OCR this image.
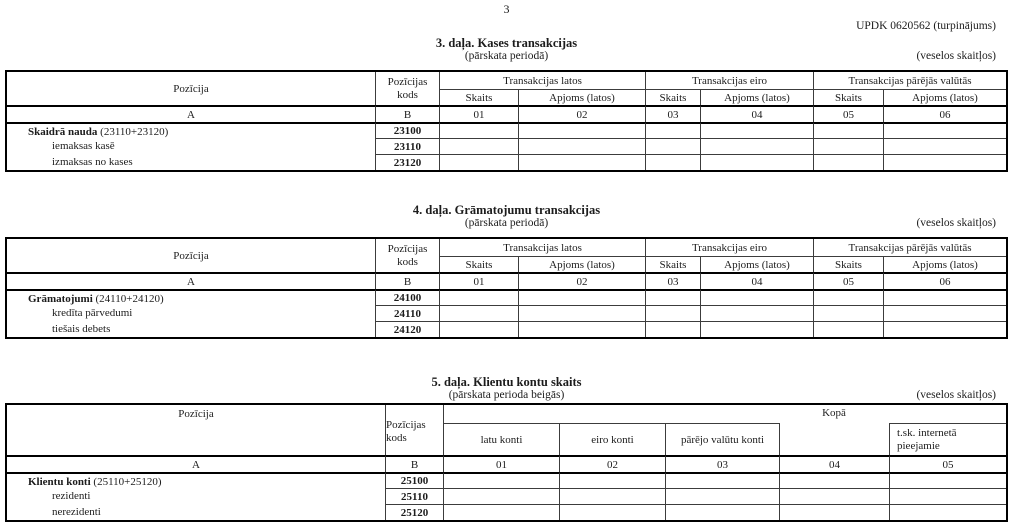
3
UPDK 0620562 (turpinājums)
3. daļa. Kases transakcijas
(pārskata periodā)	(veselos skaitļos)
Pozīcija
Pozīcijas
kods
Transakcijas latos	Transakcijas eiro	Transakcijas pārējās valūtās
Skaits	Apjoms (latos)	Skaits	Apjoms (latos)	Skaits	Apjoms (latos)
A	B	01	02	03	04	05	06
Skaidrā nauda (23110+23120)	23100
iemaksas kasē	23110
izmaksas no kases	23120
4. daļa. Grāmatojumu transakcijas
(pārskata periodā)	(veselos skaitļos)
Pozīcija
Pozīcijas
kods
Transakcijas latos	Transakcijas eiro	Transakcijas pārējās valūtās
Skaits	Apjoms (latos)	Skaits	Apjoms (latos)	Skaits	Apjoms (latos)
A	B	01	02	03	04	05	06
Grāmatojumi (24110+24120)	24100
kredīta pārvedumi	24110
tiešais debets	24120
5. daļa. Klientu kontu skaits
(pārskata perioda beigās)	(veselos skaitļos)
Pozīcija
Pozīcijas
kods
Kopā
latu konti	eiro konti	pārējo valūtu konti
t.sk. internetā
pieejamie
A	B	01	02	03	04	05
Klientu konti (25110+25120)	25100
rezidenti	25110
nerezidenti	25120
